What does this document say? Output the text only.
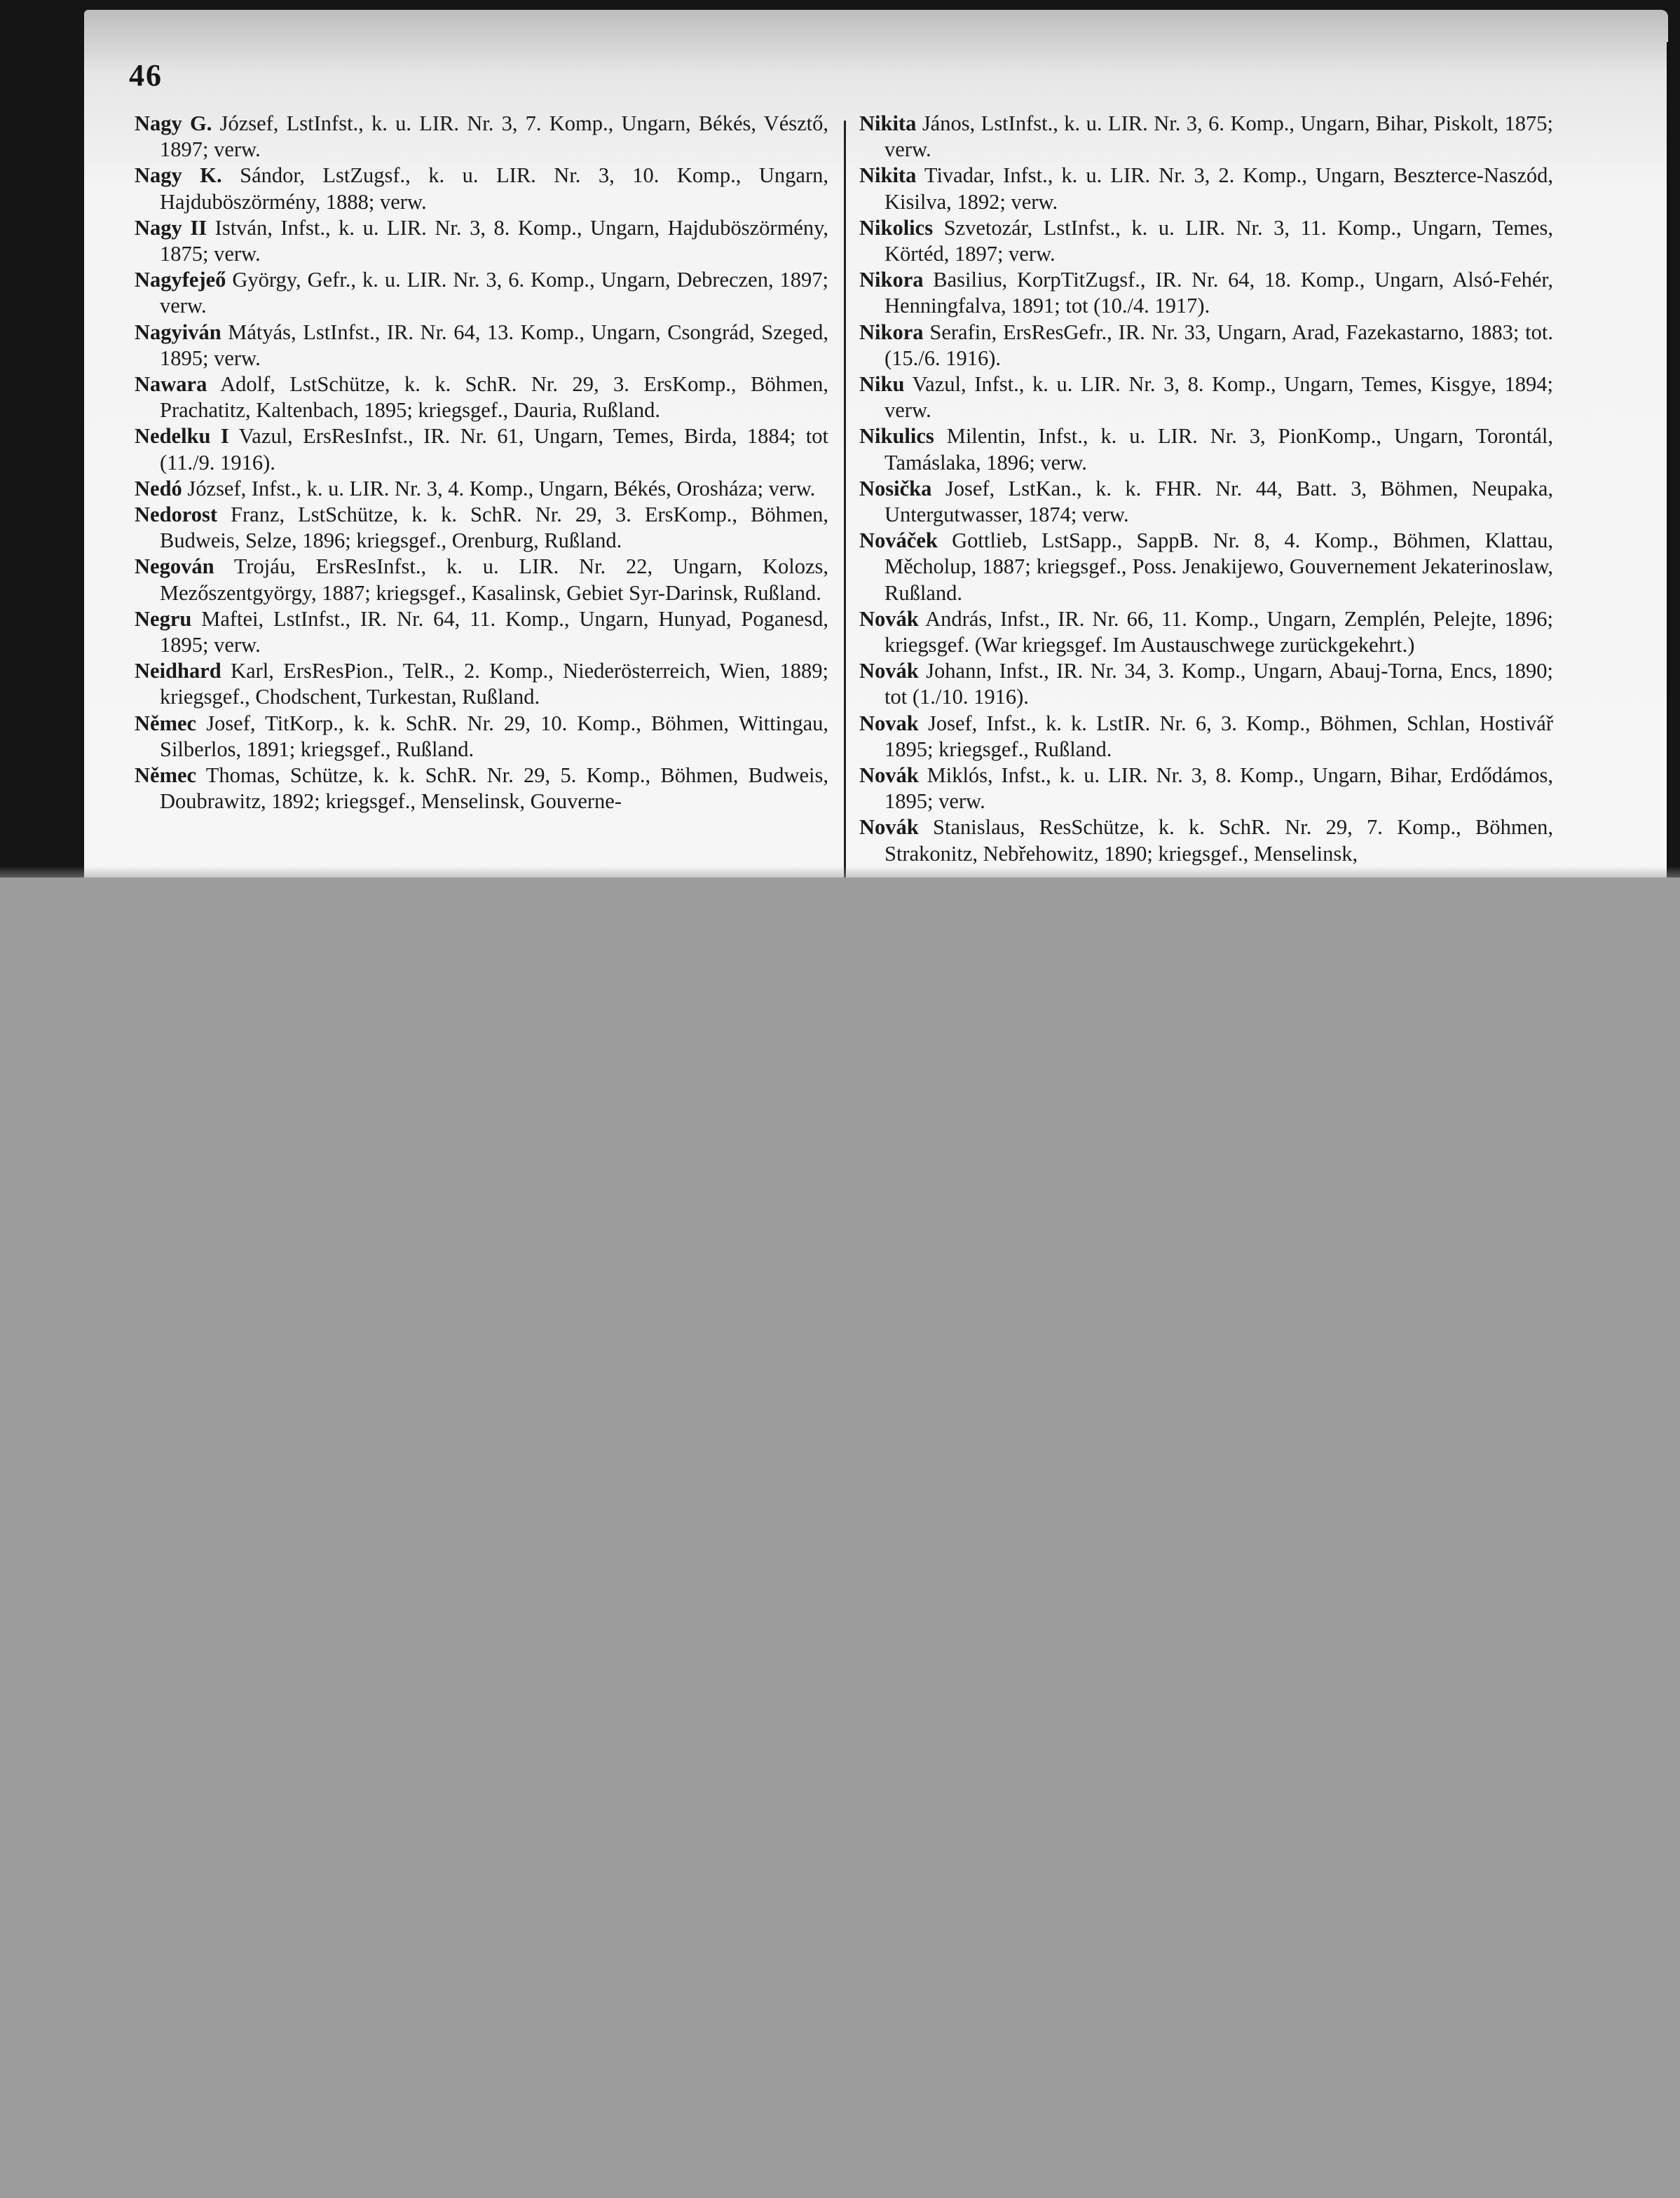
46

Nagy G. József, LstInfst., k. u. LIR. Nr. 3, 7. Komp., Ungarn, Békés, Vésztő, 1897; verw.

Nagy K. Sándor, LstZugsf., k. u. LIR. Nr. 3, 10. Komp., Ungarn, Hajduböszörmény, 1888; verw.

Nagy II István, Infst., k. u. LIR. Nr. 3, 8. Komp., Ungarn, Hajduböszörmény, 1875; verw.

Nagyfejeő György, Gefr., k. u. LIR. Nr. 3, 6. Komp., Ungarn, Debreczen, 1897; verw.

Nagyiván Mátyás, LstInfst., IR. Nr. 64, 13. Komp., Ungarn, Csongrád, Szeged, 1895; verw.

Nawara Adolf, LstSchütze, k. k. SchR. Nr. 29, 3. ErsKomp., Böhmen, Prachatitz, Kaltenbach, 1895; kriegsgef., Dauria, Rußland.

Nedelku I Vazul, ErsResInfst., IR. Nr. 61, Ungarn, Temes, Birda, 1884; tot (11./9. 1916).

Nedó József, Infst., k. u. LIR. Nr. 3, 4. Komp., Ungarn, Békés, Orosháza; verw.

Nedorost Franz, LstSchütze, k. k. SchR. Nr. 29, 3. ErsKomp., Böhmen, Budweis, Selze, 1896; kriegsgef., Orenburg, Rußland.

Negován Trojáu, ErsResInfst., k. u. LIR. Nr. 22, Ungarn, Kolozs, Mezőszentgyörgy, 1887; kriegsgef., Kasalinsk, Gebiet Syr-Darinsk, Rußland.

Negru Maftei, LstInfst., IR. Nr. 64, 11. Komp., Ungarn, Hunyad, Poganesd, 1895; verw.

Neidhard Karl, ErsResPion., TelR., 2. Komp., Niederösterreich, Wien, 1889; kriegsgef., Chodschent, Turkestan, Rußland.

Němec Josef, TitKorp., k. k. SchR. Nr. 29, 10. Komp., Böhmen, Wittingau, Silberlos, 1891; kriegsgef., Rußland.

Němec Thomas, Schütze, k. k. SchR. Nr. 29, 5. Komp., Böhmen, Budweis, Doubrawitz, 1892; kriegsgef., Menselinsk, Gouverne-

Nikita János, LstInfst., k. u. LIR. Nr. 3, 6. Komp., Ungarn, Bihar, Piskolt, 1875; verw.

Nikita Tivadar, Infst., k. u. LIR. Nr. 3, 2. Komp., Ungarn, Beszterce-Naszód, Kisilva, 1892; verw.

Nikolics Szvetozár, LstInfst., k. u. LIR. Nr. 3, 11. Komp., Ungarn, Temes, Körtéd, 1897; verw.

Nikora Basilius, KorpTitZugsf., IR. Nr. 64, 18. Komp., Ungarn, Alsó-Fehér, Henningfalva, 1891; tot (10./4. 1917).

Nikora Serafin, ErsResGefr., IR. Nr. 33, Ungarn, Arad, Fazekastarno, 1883; tot. (15./6. 1916).

Niku Vazul, Infst., k. u. LIR. Nr. 3, 8. Komp., Ungarn, Temes, Kisgye, 1894; verw.

Nikulics Milentin, Infst., k. u. LIR. Nr. 3, PionKomp., Ungarn, Torontál, Tamáslaka, 1896; verw.

Nosička Josef, LstKan., k. k. FHR. Nr. 44, Batt. 3, Böhmen, Neupaka, Untergutwasser, 1874; verw.

Nováček Gottlieb, LstSapp., SappB. Nr. 8, 4. Komp., Böhmen, Klattau, Měcholup, 1887; kriegsgef., Poss. Jenakijewo, Gouvernement Jekaterinoslaw, Rußland.

Novák András, Infst., IR. Nr. 66, 11. Komp., Ungarn, Zemplén, Pelejte, 1896; kriegsgef. (War kriegsgef. Im Austauschwege zurückgekehrt.)

Novák Johann, Infst., IR. Nr. 34, 3. Komp., Ungarn, Abauj-Torna, Encs, 1890; tot (1./10. 1916).

Novak Josef, Infst., k. k. LstIR. Nr. 6, 3. Komp., Böhmen, Schlan, Hostivář 1895; kriegsgef., Rußland.

Novák Miklós, Infst., k. u. LIR. Nr. 3, 8. Komp., Ungarn, Bihar, Erdődámos, 1895; verw.

Novák Stanislaus, ResSchütze, k. k. SchR. Nr. 29, 7. Komp., Böhmen, Strakonitz, Nebřehowitz, 1890; kriegsgef., Menselinsk,
